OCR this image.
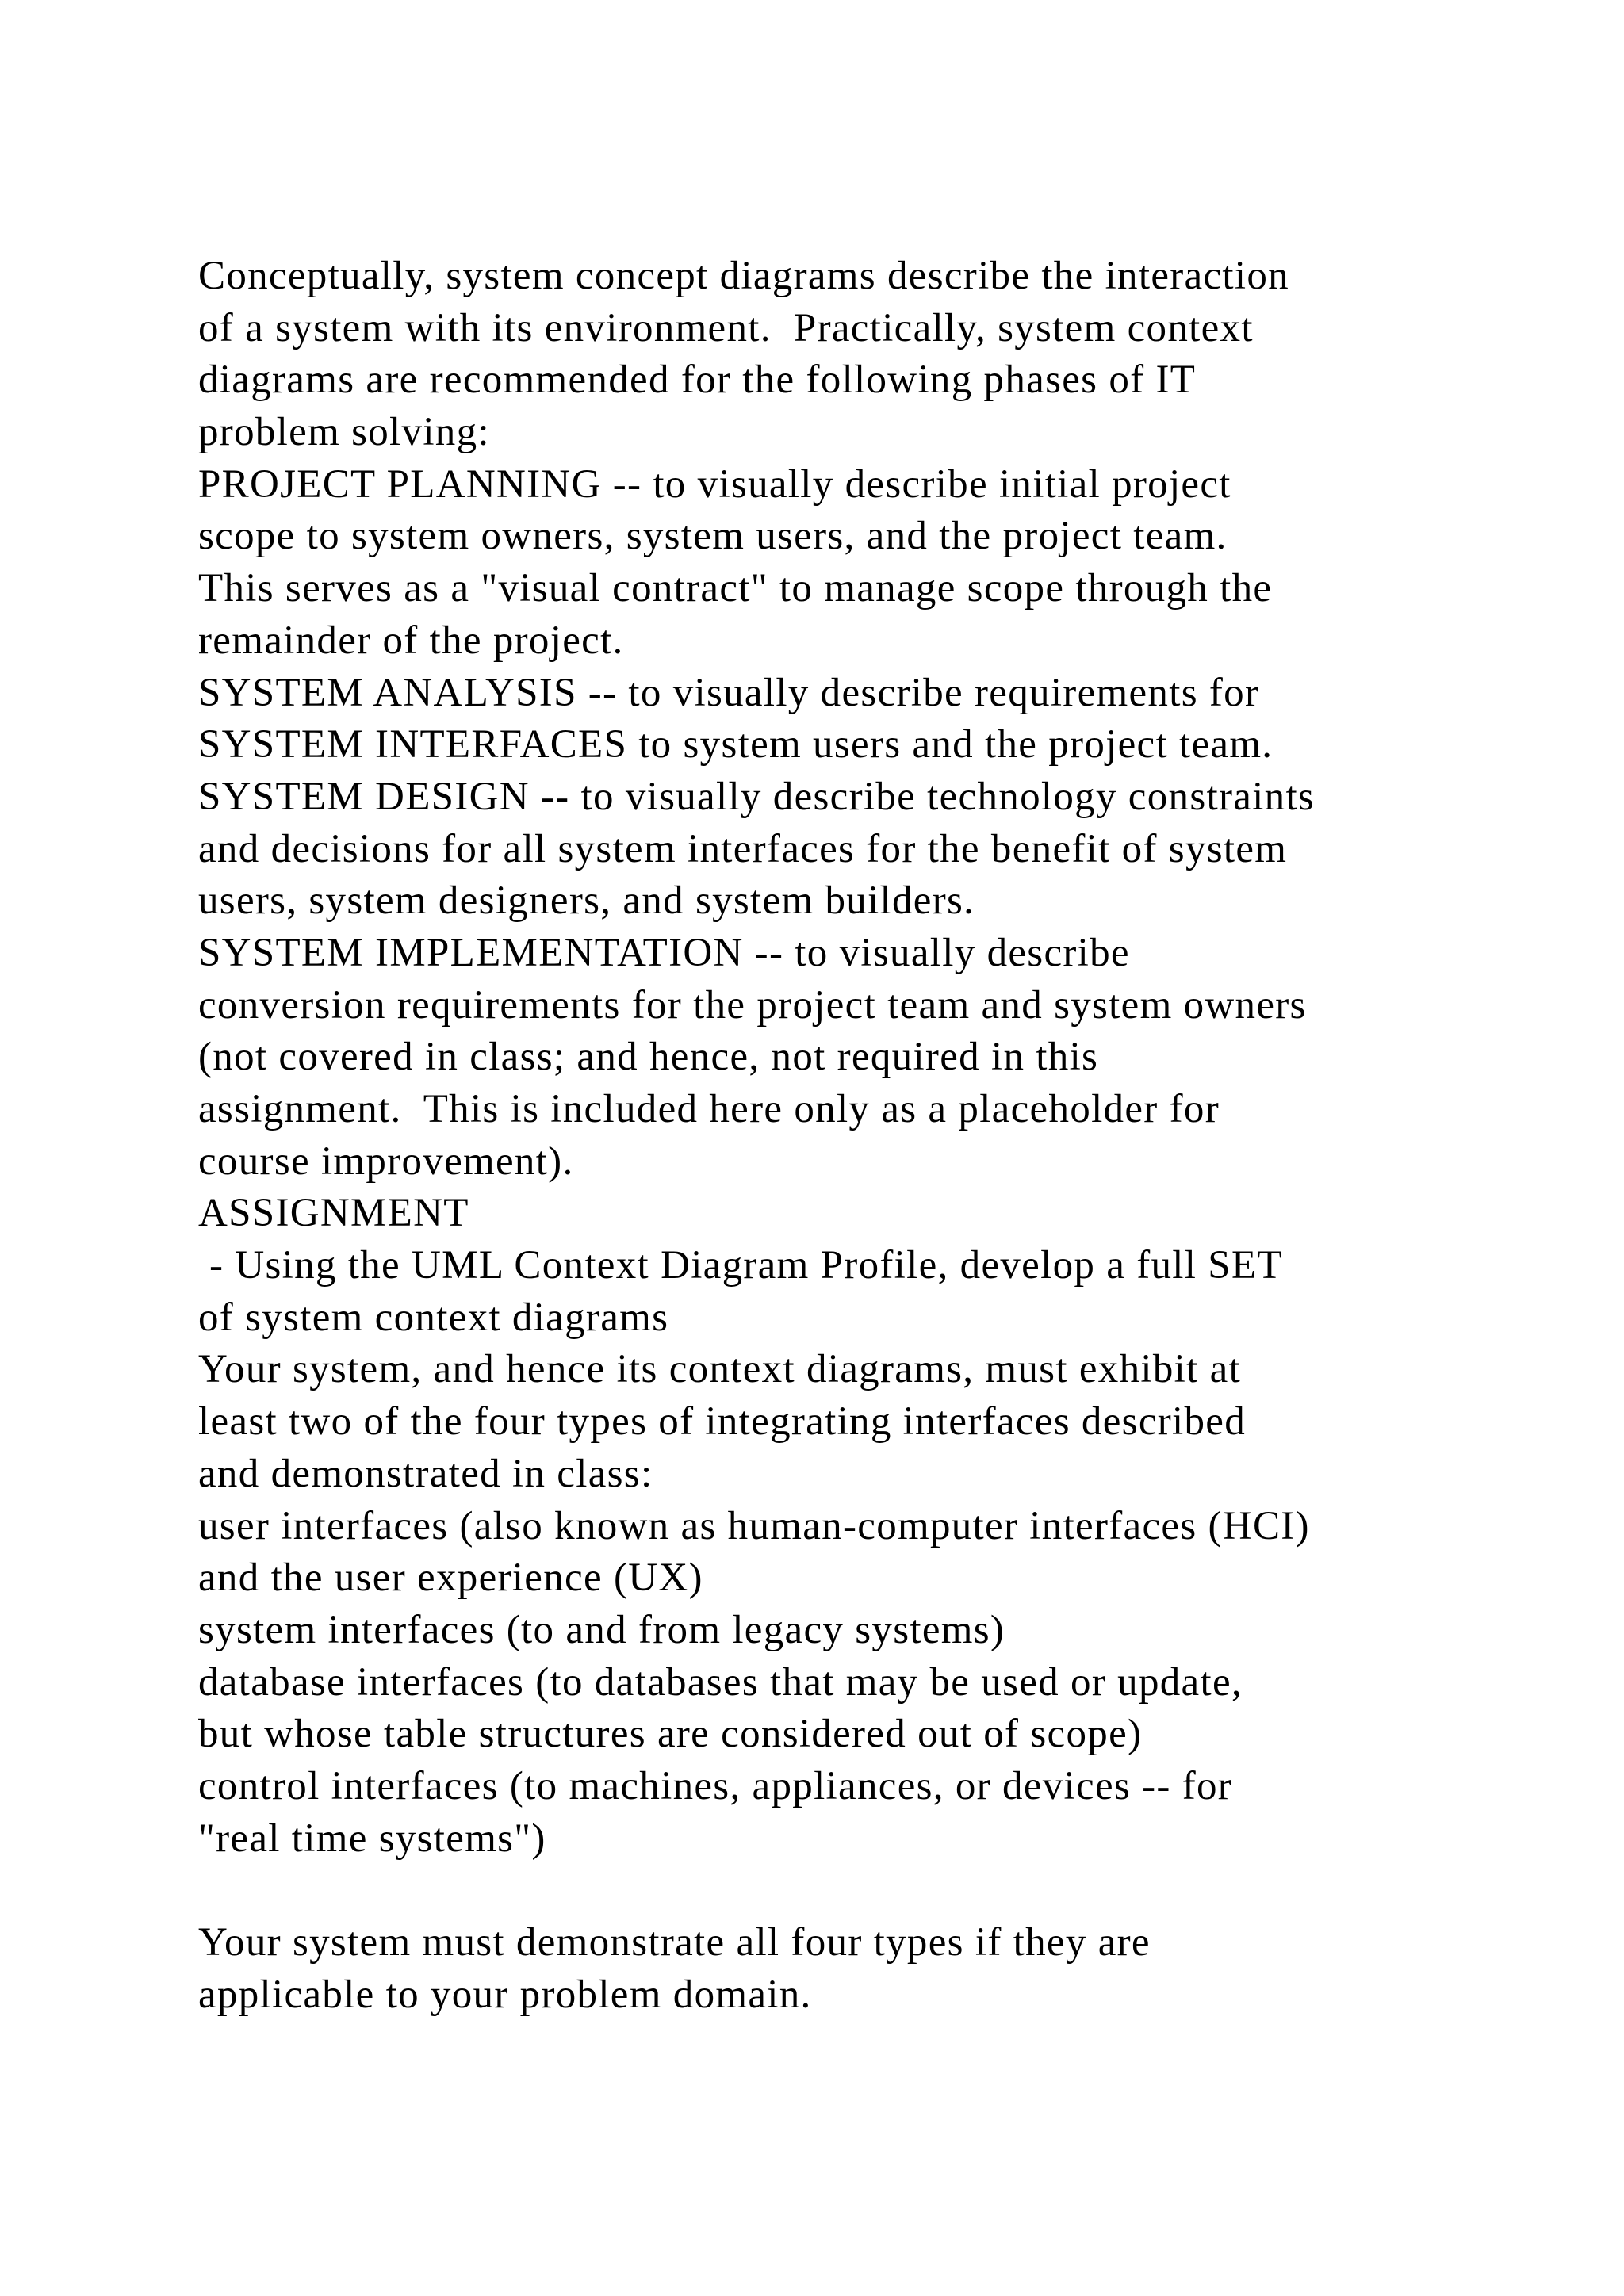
Conceptually, system concept diagrams describe the interaction
of a system with its environment.  Practically, system context
diagrams are recommended for the following phases of IT
problem solving:
PROJECT PLANNING -- to visually describe initial project
scope to system owners, system users, and the project team.
This serves as a "visual contract" to manage scope through the
remainder of the project.
SYSTEM ANALYSIS -- to visually describe requirements for
SYSTEM INTERFACES to system users and the project team.
SYSTEM DESIGN -- to visually describe technology constraints
and decisions for all system interfaces for the benefit of system
users, system designers, and system builders.
SYSTEM IMPLEMENTATION -- to visually describe
conversion requirements for the project team and system owners
(not covered in class; and hence, not required in this
assignment.  This is included here only as a placeholder for
course improvement).
ASSIGNMENT
- Using the UML Context Diagram Profile, develop a full SET
of system context diagrams
Your system, and hence its context diagrams, must exhibit at
least two of the four types of integrating interfaces described
and demonstrated in class:
user interfaces (also known as human-computer interfaces (HCI)
and the user experience (UX)
system interfaces (to and from legacy systems)
database interfaces (to databases that may be used or update,
but whose table structures are considered out of scope)
control interfaces (to machines, appliances, or devices -- for
"real time systems")
Your system must demonstrate all four types if they are
applicable to your problem domain.
